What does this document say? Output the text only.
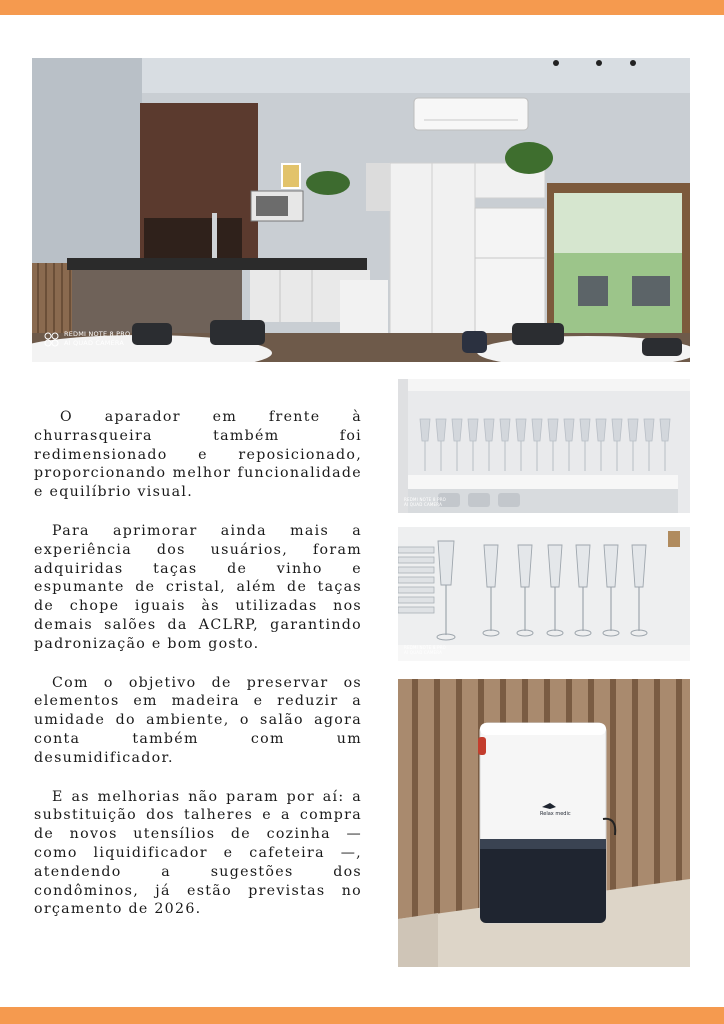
REDMI NOTE 8 PRO
AI QUAD CAMERA
REDMI NOTE 8 PRO
AI QUAD CAMERA
REDMI NOTE 8 PRO
AI QUAD CAMERA
Relax medic

O aparador em frente à churrasqueira também foi redimensionado e reposicionado, proporcionando melhor funcionalidade e equilíbrio visual.

Para aprimorar ainda mais a experiência dos usuários, foram adquiridas taças de vinho e espumante de cristal, além de taças de chope iguais às utilizadas nos demais salões da ACLRP, garantindo padronização e bom gosto.

Com o objetivo de preservar os elementos em madeira e reduzir a umidade do ambiente, o salão agora conta também com um desumidificador.

E as melhorias não param por aí: a substituição dos talheres e a compra de novos utensílios de cozinha — como liquidificador e cafeteira —, atendendo a sugestões dos condôminos, já estão previstas no orçamento de 2026.
